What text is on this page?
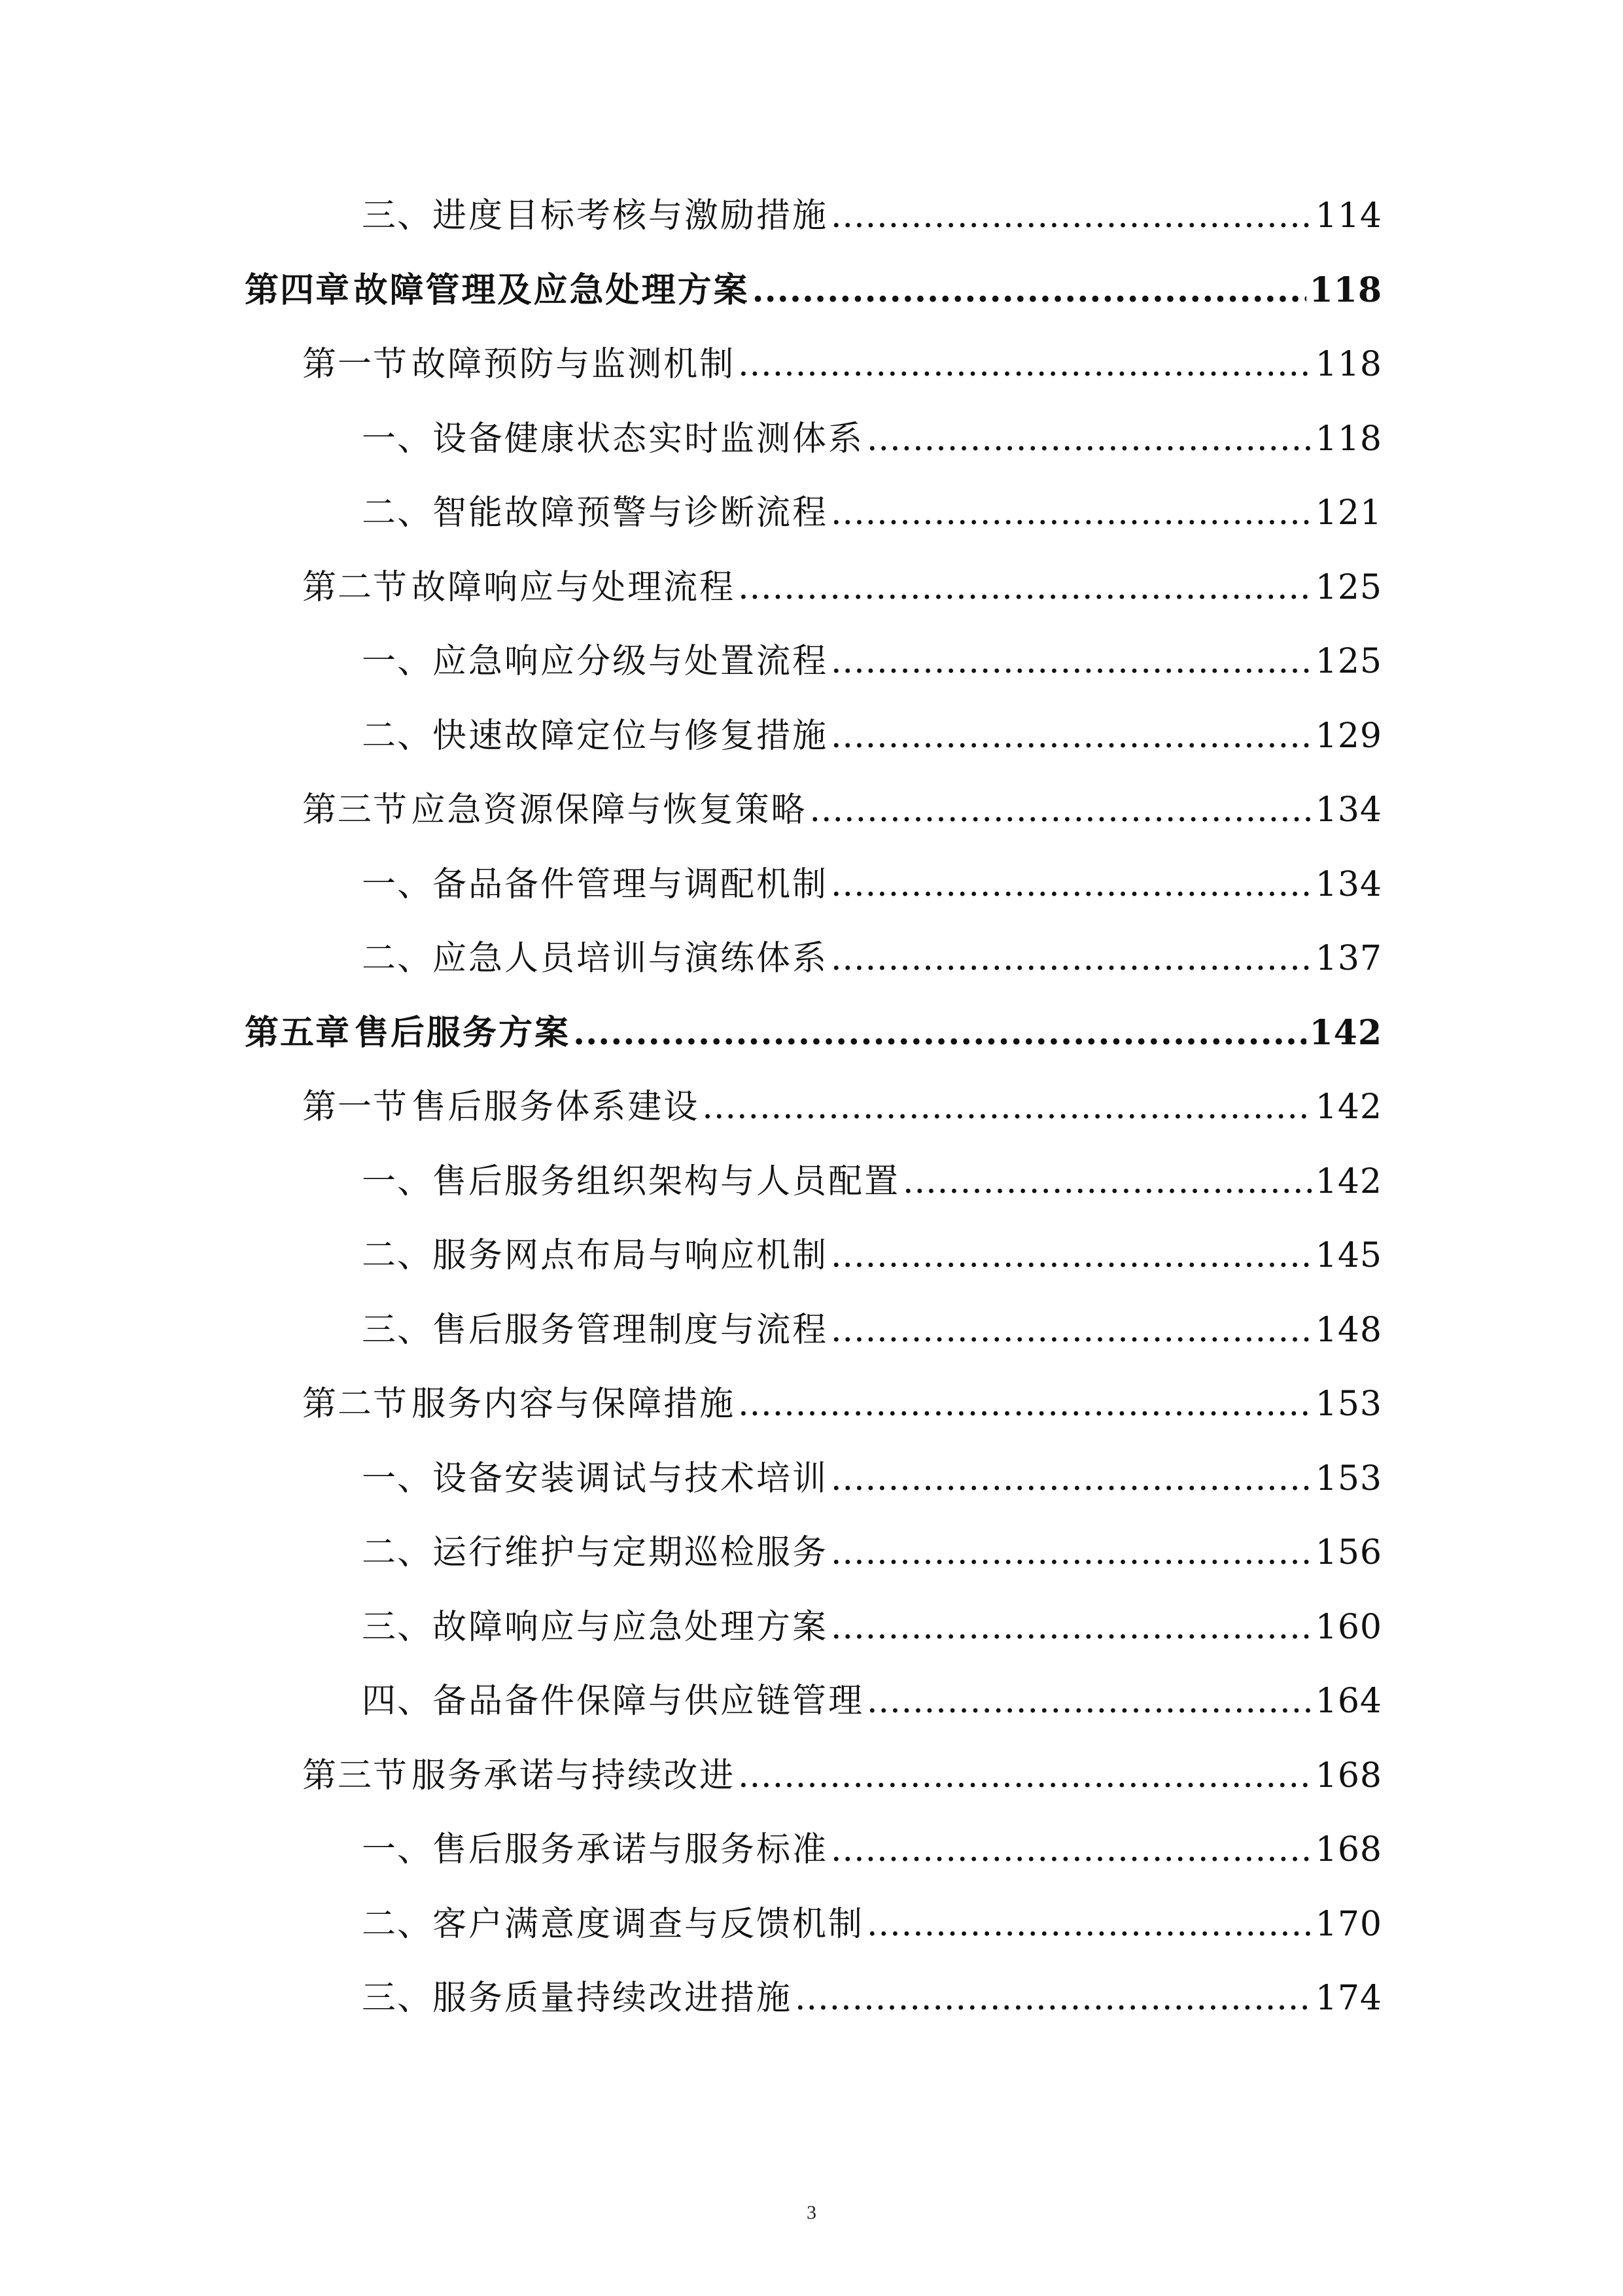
三、 进度目标考核与激励措施 .....	114
第四章 故障管理及应急处理方案 .....	118
第一节 故障预防与监测机制 .....	118
一、 设备健康状态实时监测体系 .....	118
二、 智能故障预警与诊断流程 .....	121
第二节 故障响应与处理流程 .....	125
一、 应急响应分级与处置流程 .....	125
二、 快速故障定位与修复措施 .....	129
第三节 应急资源保障与恢复策略 .....	134
一、 备品备件管理与调配机制 .....	134
二、 应急人员培训与演练体系 .....	137
第五章 售后服务方案 .....	142
第一节 售后服务体系建设 .....	142
一、 售后服务组织架构与人员配置 .....	142
二、 服务网点布局与响应机制 .....	145
三、 售后服务管理制度与流程 .....	148
第二节 服务内容与保障措施 .....	153
一、 设备安装调试与技术培训 .....	153
二、 运行维护与定期巡检服务 .....	156
三、 故障响应与应急处理方案 .....	160
四、 备品备件保障与供应链管理 .....	164
第三节 服务承诺与持续改进 .....	168
一、 售后服务承诺与服务标准 .....	168
二、 客户满意度调查与反馈机制 .....	170
三、 服务质量持续改进措施 .....	174
3
